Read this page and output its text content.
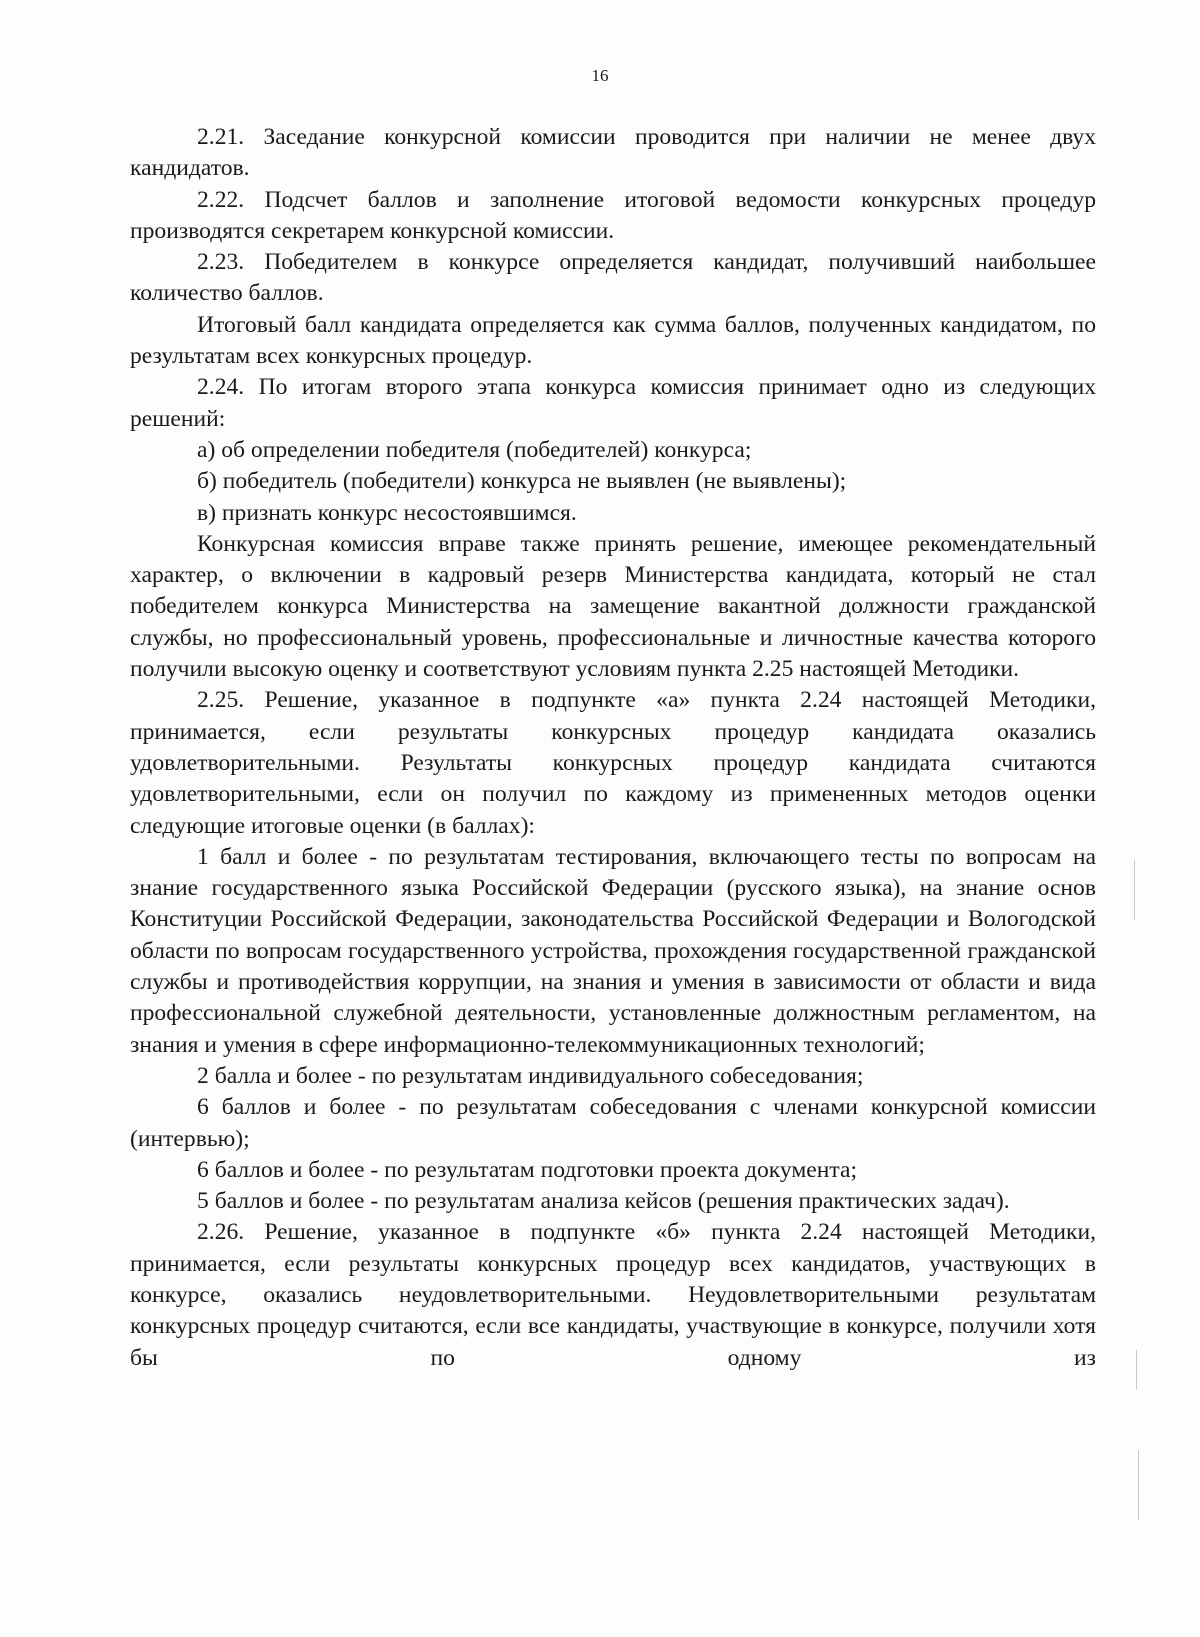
16

2.21. Заседание конкурсной комиссии проводится при наличии не менее двух кандидатов.

2.22. Подсчет баллов и заполнение итоговой ведомости конкурсных процедур производятся секретарем конкурсной комиссии.

2.23. Победителем в конкурсе определяется кандидат, получивший наибольшее количество баллов.

Итоговый балл кандидата определяется как сумма баллов, полученных кандидатом, по результатам всех конкурсных процедур.

2.24. По итогам второго этапа конкурса комиссия принимает одно из следующих решений:

а) об определении победителя (победителей) конкурса;

б) победитель (победители) конкурса не выявлен (не выявлены);

в) признать конкурс несостоявшимся.

Конкурсная комиссия вправе также принять решение, имеющее рекомендательный характер, о включении в кадровый резерв Министерства кандидата, который не стал победителем конкурса Министерства на замещение вакантной должности гражданской службы, но профессиональный уровень, профессиональные и личностные качества которого получили высокую оценку и соответствуют условиям пункта 2.25 настоящей Методики.

2.25. Решение, указанное в подпункте «а» пункта 2.24 настоящей Методики, принимается, если результаты конкурсных процедур кандидата оказались удовлетворительными. Результаты конкурсных процедур кандидата считаются удовлетворительными, если он получил по каждому из примененных методов оценки следующие итоговые оценки (в баллах):

1 балл и более - по результатам тестирования, включающего тесты по вопросам на знание государственного языка Российской Федерации (русского языка), на знание основ Конституции Российской Федерации, законодательства Российской Федерации и Вологодской области по вопросам государственного устройства, прохождения государственной гражданской службы и противодействия коррупции, на знания и умения в зависимости от области и вида профессиональной служебной деятельности, установленные должностным регламентом, на знания и умения в сфере информационно-телекоммуникационных технологий;

2 балла и более - по результатам индивидуального собеседования;

6 баллов и более - по результатам собеседования с членами конкурсной комиссии (интервью);

6 баллов и более - по результатам подготовки проекта документа;

5 баллов и более - по результатам анализа кейсов (решения практических задач).

2.26. Решение, указанное в подпункте «б» пункта 2.24 настоящей Методики, принимается, если результаты конкурсных процедур всех кандидатов, участвующих в конкурсе, оказались неудовлетворительными. Неудовлетворительными результатам конкурсных процедур считаются, если все кандидаты, участвующие в конкурсе, получили хотя бы по одному из
